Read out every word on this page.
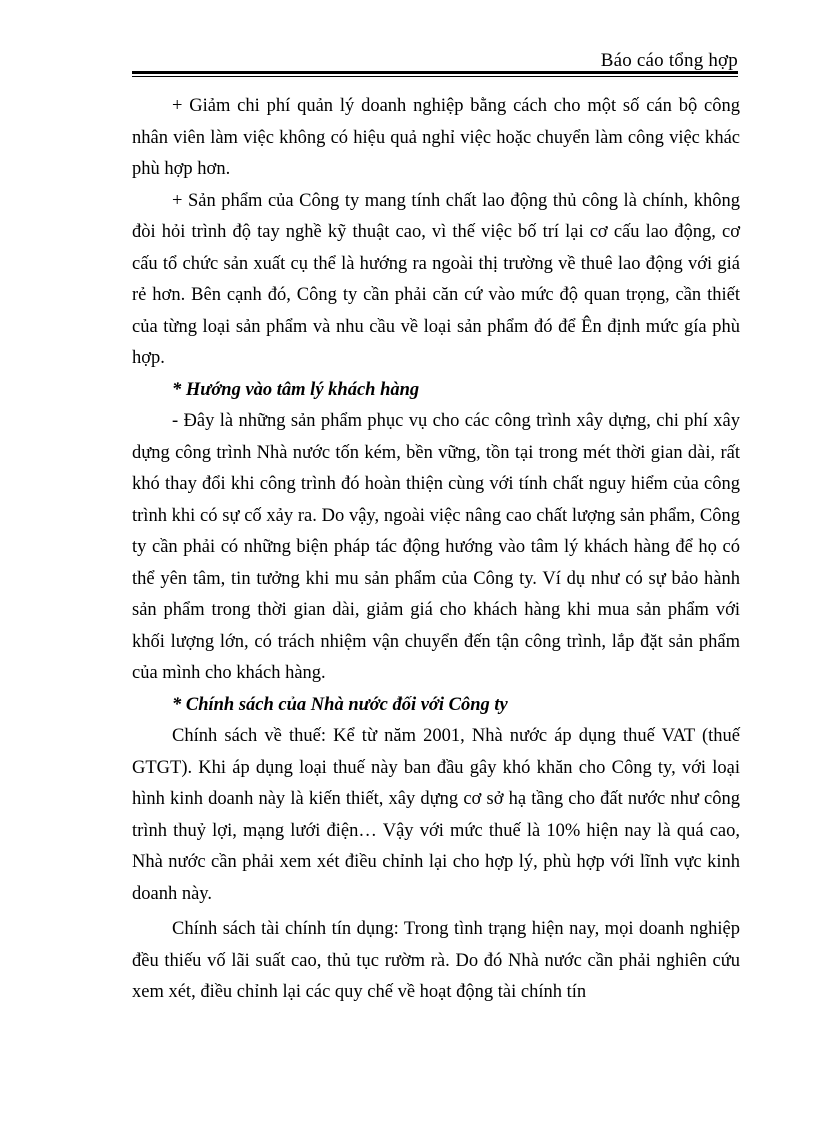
Báo cáo tổng hợp

+ Giảm chi phí quản lý doanh nghiệp bằng cách cho một số cán bộ công nhân viên làm việc không có hiệu quả nghỉ việc hoặc chuyển làm công việc khác phù hợp hơn.

+ Sản phẩm của Công ty mang tính chất lao động thủ công là chính, không đòi hỏi trình độ tay nghề kỹ thuật cao, vì thế việc bố trí lại cơ cấu lao động, cơ cấu tổ chức sản xuất cụ thể là hướng ra ngoài thị trường về thuê lao động với giá rẻ hơn. Bên cạnh đó, Công ty cần phải căn cứ vào mức độ quan trọng, cần thiết của từng loại sản phẩm và nhu cầu về loại sản phẩm đó để Ên định mức gía phù hợp.

* Hướng vào tâm lý khách hàng

- Đây là những sản phẩm phục vụ cho các công trình xây dựng, chi phí xây dựng công trình Nhà nước tốn kém, bền vững, tồn tại trong mét thời gian dài, rất khó thay đổi khi công trình đó hoàn thiện cùng với tính chất nguy hiểm của công trình khi có sự cố xảy ra. Do vậy, ngoài việc nâng cao chất lượng sản phẩm, Công ty cần phải có những biện pháp tác động hướng vào tâm lý khách hàng để họ có thể yên tâm, tin tưởng khi mu sản phẩm của Công ty. Ví dụ như có sự bảo hành sản phẩm trong thời gian dài, giảm giá cho khách hàng khi mua sản phẩm với khối lượng lớn, có trách nhiệm vận chuyển đến tận công trình, lắp đặt sản phẩm của mình cho khách hàng.

* Chính sách của Nhà nước đối với Công ty

Chính sách về thuế: Kể từ năm 2001, Nhà nước áp dụng thuế VAT (thuế GTGT). Khi áp dụng loại thuế này ban đầu gây khó khăn cho Công ty, với loại hình kinh doanh này là kiến thiết, xây dựng cơ sở hạ tầng cho đất nước như công trình thuỷ lợi, mạng lưới điện… Vậy với mức thuế là 10% hiện nay là quá cao, Nhà nước cần phải xem xét điều chỉnh lại cho hợp lý, phù hợp với lĩnh vực kinh doanh này.

Chính sách tài chính tín dụng: Trong tình trạng hiện nay, mọi doanh nghiệp đều thiếu vố lãi suất cao, thủ tục rườm rà. Do đó Nhà nước cần phải nghiên cứu xem xét, điều chỉnh lại các quy chế về hoạt động tài chính tín
